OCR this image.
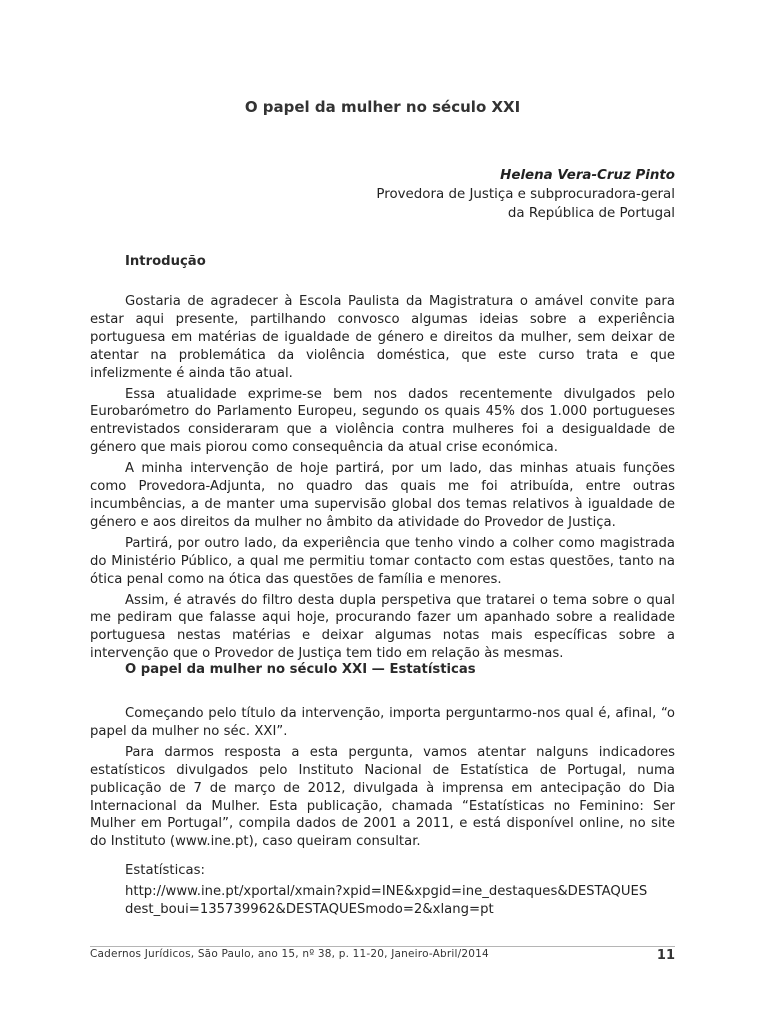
O papel da mulher no século XXI
Helena Vera-Cruz Pinto
Provedora de Justiça e subprocuradora-geral
da República de Portugal
Introdução

Gostaria de agradecer à Escola Paulista da Magistratura o amável convite para estar aqui presente, partilhando convosco algumas ideias sobre a experiência portuguesa em matérias de igualdade de género e direitos da mulher, sem deixar de atentar na problemática da violência doméstica, que este curso trata e que infelizmente é ainda tão atual.

Essa atualidade exprime-se bem nos dados recentemente divulgados pelo Eurobarómetro do Parlamento Europeu, segundo os quais 45% dos 1.000 portugueses entrevistados consideraram que a violência contra mulheres foi a desigualdade de género que mais piorou como consequência da atual crise económica.

A minha intervenção de hoje partirá, por um lado, das minhas atuais funções como Provedora-Adjunta, no quadro das quais me foi atribuída, entre outras incumbências, a de manter uma supervisão global dos temas relativos à igualdade de género e aos direitos da mulher no âmbito da atividade do Provedor de Justiça.

Partirá, por outro lado, da experiência que tenho vindo a colher como magistrada do Ministério Público, a qual me permitiu tomar contacto com estas questões, tanto na ótica penal como na ótica das questões de família e menores.

Assim, é através do filtro desta dupla perspetiva que tratarei o tema sobre o qual me pediram que falasse aqui hoje, procurando fazer um apanhado sobre a realidade portuguesa nestas matérias e deixar algumas notas mais específicas sobre a intervenção que o Provedor de Justiça tem tido em relação às mesmas.

O papel da mulher no século XXI — Estatísticas

Começando pelo título da intervenção, importa perguntarmo-nos qual é, afinal, “o papel da mulher no séc. XXI”.

Para darmos resposta a esta pergunta, vamos atentar nalguns indicadores estatísticos divulgados pelo Instituto Nacional de Estatística de Portugal, numa publicação de 7 de março de 2012, divulgada à imprensa em antecipação do Dia Internacional da Mulher. Esta publicação, chamada “Estatísticas no Feminino: Ser Mulher em Portugal”, compila dados de 2001 a 2011, e está disponível online, no site do Instituto (www.ine.pt), caso queiram consultar.

Estatísticas:

http://www.ine.pt/xportal/xmain?xpid=INE&xpgid=ine_destaques&DESTAQUES

dest_boui=135739962&DESTAQUESmodo=2&xlang=pt

Cadernos Jurídicos, São Paulo, ano 15, nº 38, p. 11-20, Janeiro-Abril/2014	11
